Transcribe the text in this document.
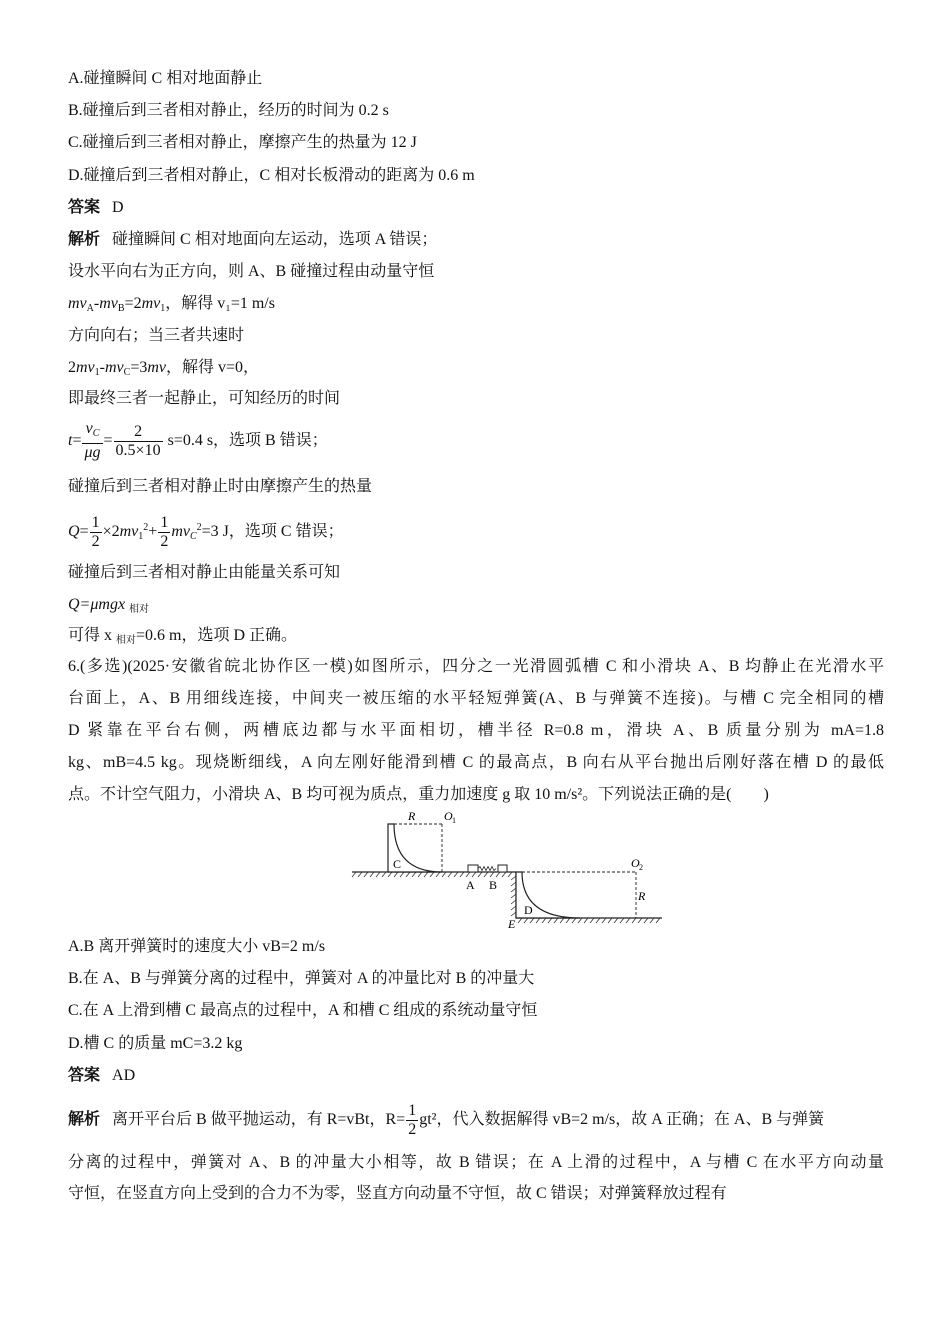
A.碰撞瞬间 C 相对地面静止
B.碰撞后到三者相对静止，经历的时间为 0.2 s
C.碰撞后到三者相对静止，摩擦产生的热量为 12 J
D.碰撞后到三者相对静止，C 相对长板滑动的距离为 0.6 m
答案 D
解析 碰撞瞬间 C 相对地面向左运动，选项 A 错误；
设水平向右为正方向，则 A、B 碰撞过程由动量守恒
$mv_A-mv_B=2mv_1$，解得 v₁=1 m/s
方向向右；当三者共速时
$2mv_1-mv_C=3mv$，解得 v=0，
即最终三者一起静止，可知经历的时间
$t= \frac{v_C}{\mu g} = \frac{2}{0.5\times 10} s=0.4$ s，选项 B 错误；
碰撞后到三者相对静止时由摩擦产生的热量
$Q= \frac{1}{2} \times 2mv_1^2+ \frac{1}{2} mv_C^2=3$ J，选项 C 错误；
碰撞后到三者相对静止由能量关系可知
Q=μmgx $_{相对}$
可得 x $_{相对}$=0.6 m，选项 D 正确。
6.(多选)(2025·安徽省皖北协作区一模)如图所示，四分之一光滑圆弧槽 C 和小滑块 A、B 均静止在光滑水平
台面上，A、B 用细线连接，中间夹一被压缩的水平轻短弹簧(A、B 与弹簧不连接)。与槽 C 完全相同的槽
D 紧靠在平台右侧，两槽底边都与水平面相切，槽半径 R=0.8 m，滑块 A、B 质量分别为 mA=1.8
kg、mB=4.5 kg。现烧断细线，A 向左刚好能滑到槽 C 的最高点，B 向右从平台抛出后刚好落在槽 D 的最低
点。不计空气阻力，小滑块 A、B 均可视为质点，重力加速度 g 取 10 m/s²。下列说法正确的是(　　)
R O 1
C
A B
O 2
R
D
E
A.B 离开弹簧时的速度大小 vB=2 m/s
B.在 A、B 与弹簧分离的过程中，弹簧对 A 的冲量比对 B 的冲量大
C.在 A 上滑到槽 C 最高点的过程中，A 和槽 C 组成的系统动量守恒
D.槽 C 的质量 mC=3.2 kg
答案 AD
解析 离开平台后 B 做平抛运动，有 R=vBt，$R= \frac{1}{2} gt^2$，代入数据解得 vB=2 m/s，故 A 正确；在 A、B 与弹簧
分离的过程中，弹簧对 A、B 的冲量大小相等，故 B 错误；在 A 上滑的过程中，A 与槽 C 在水平方向动量
守恒，在竖直方向上受到的合力不为零，竖直方向动量不守恒，故 C 错误；对弹簧释放过程有
